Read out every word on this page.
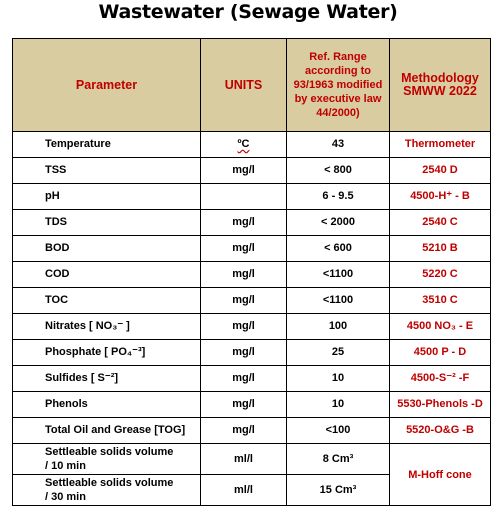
Wastewater (Sewage Water)
Parameter	UNITS	Ref. Range according to 93/1963 modified by executive law 44/2000)	Methodology SMWW 2022
Temperature	ºC	43	Thermometer
TSS	mg/l	< 800	2540 D
pH		6 - 9.5	4500-H⁺ - B
TDS	mg/l	< 2000	2540 C
BOD	mg/l	< 600	5210 B
COD	mg/l	<1100	5220 C
TOC	mg/l	<1100	3510 C
Nitrates [ NO₃⁻ ]	mg/l	100	4500 NO₃ - E
Phosphate [ PO₄⁻³]	mg/l	25	4500 P - D
Sulfides [ S⁻²]	mg/l	10	4500-S⁻² -F
Phenols	mg/l	10	5530-Phenols -D
Total Oil and Grease [TOG]	mg/l	<100	5520-O&G -B

Settleable solids volume
/ 10 min	ml/l	8 Cm³	M-Hoff cone

Settleable solids volume
/ 30 min	ml/l	15 Cm³	
